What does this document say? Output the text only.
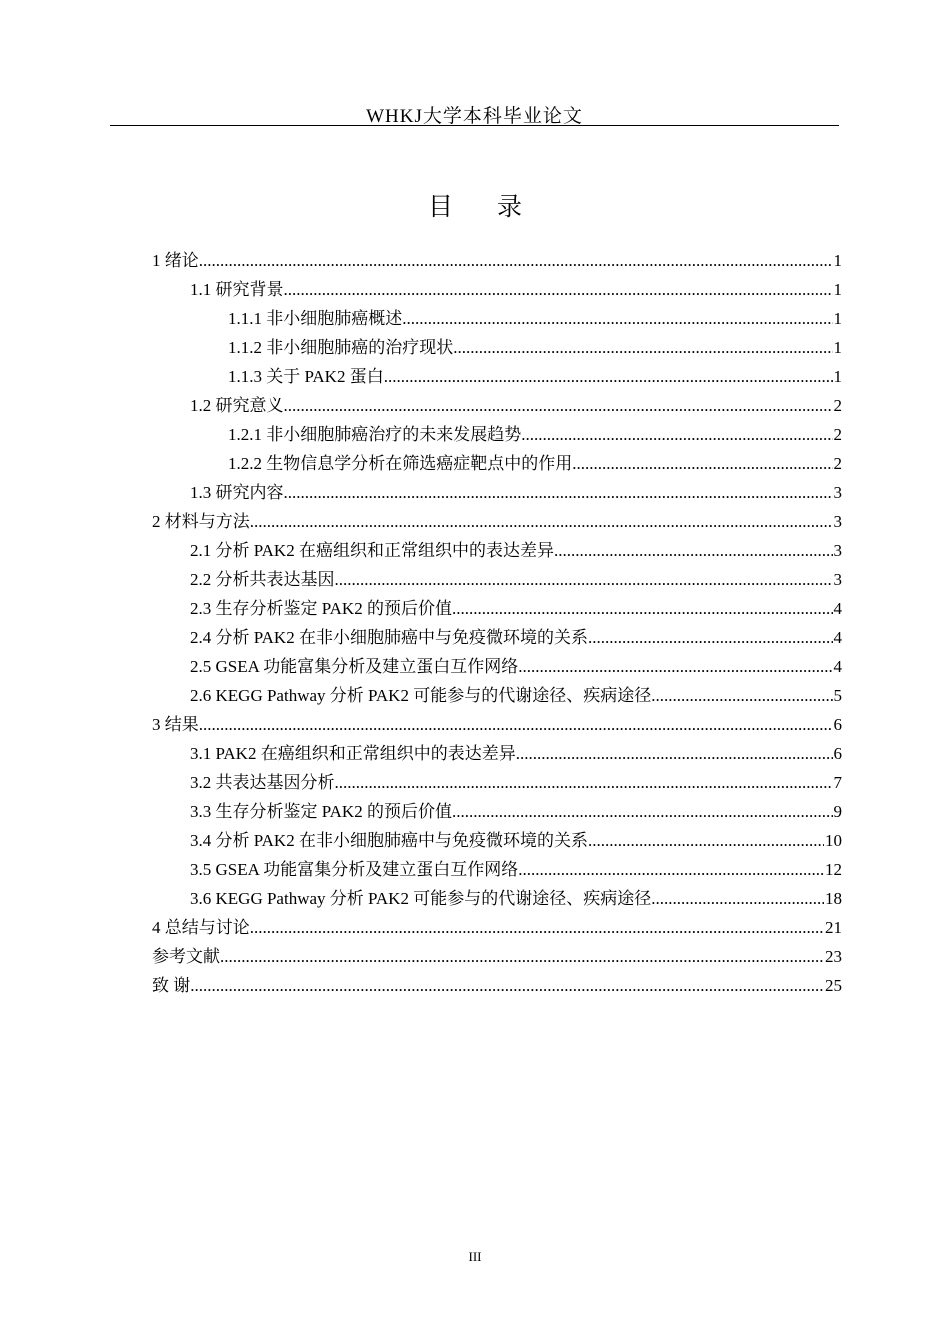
WHKJ大学本科毕业论文
目 录
1 绪论 .....	1
1.1 研究背景 .....	1
1.1.1 非小细胞肺癌概述 .....	1
1.1.2 非小细胞肺癌的治疗现状 .....	1
1.1.3 关于 PAK2 蛋白 .....	1
1.2 研究意义 .....	2
1.2.1 非小细胞肺癌治疗的未来发展趋势 .....	2
1.2.2 生物信息学分析在筛选癌症靶点中的作用 .....	2
1.3 研究内容 .....	3
2 材料与方法 .....	3
2.1 分析 PAK2 在癌组织和正常组织中的表达差异 .....	3
2.2 分析共表达基因 .....	3
2.3 生存分析鉴定 PAK2 的预后价值 .....	4
2.4 分析 PAK2 在非小细胞肺癌中与免疫微环境的关系 .....	4
2.5 GSEA 功能富集分析及建立蛋白互作网络 .....	4
2.6 KEGG Pathway 分析 PAK2 可能参与的代谢途径、疾病途径 .....	5
3 结果 .....	6
3.1 PAK2 在癌组织和正常组织中的表达差异 .....	6
3.2 共表达基因分析 .....	7
3.3 生存分析鉴定 PAK2 的预后价值 .....	9
3.4 分析 PAK2 在非小细胞肺癌中与免疫微环境的关系 .....	10
3.5 GSEA 功能富集分析及建立蛋白互作网络 .....	12
3.6 KEGG Pathway 分析 PAK2 可能参与的代谢途径、疾病途径 .....	18
4 总结与讨论 .....	21
参考文献 .....	23
致 谢 .....	25
III
